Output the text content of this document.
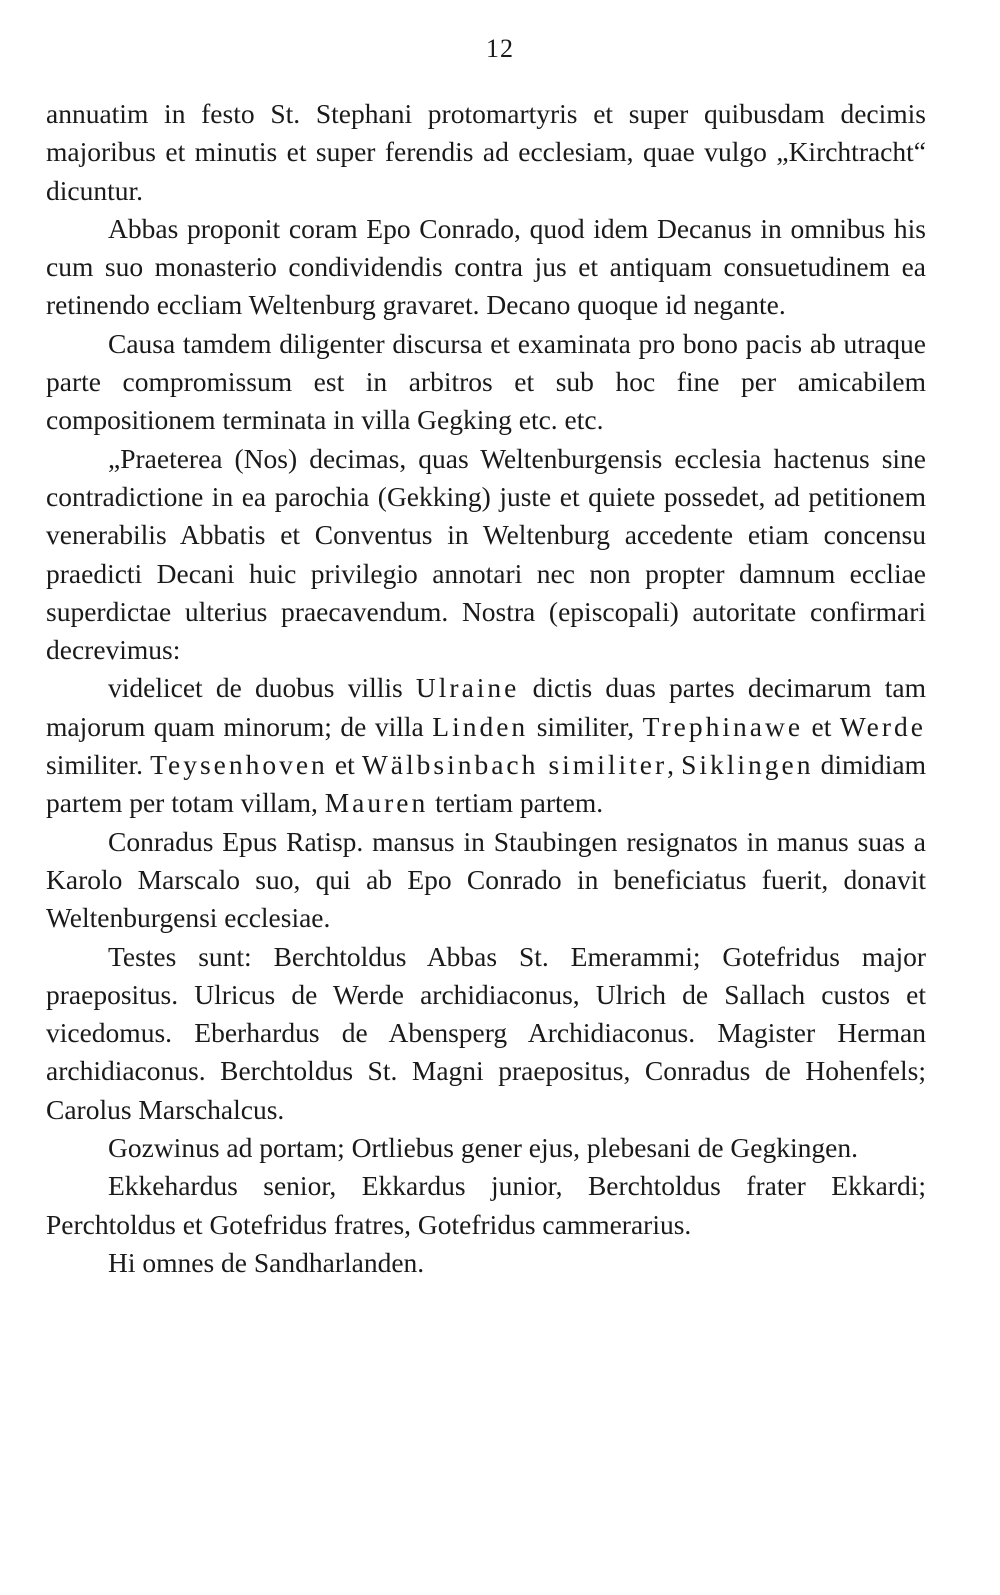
12

annuatim in festo St. Stephani protomartyris et super quibusdam decimis majoribus et minutis et super ferendis ad ecclesiam, quae vulgo „Kirchtracht“ dicuntur.

Abbas proponit coram Epo Conrado, quod idem Decanus in omnibus his cum suo monasterio condividendis contra jus et antiquam consuetudinem ea retinendo eccliam Weltenburg gravaret. Decano quoque id negante.

Causa tamdem diligenter discursa et examinata pro bono pacis ab utraque parte compromissum est in arbitros et sub hoc fine per amicabilem compositionem terminata in villa Gegking etc. etc.

„Praeterea (Nos) decimas, quas Weltenburgensis ecclesia hactenus sine contradictione in ea parochia (Gekking) juste et quiete possedet, ad petitionem venerabilis Abbatis et Conventus in Weltenburg accedente etiam concensu praedicti Decani huic privilegio annotari nec non propter damnum eccliae superdictae ulterius praecavendum. Nostra (episcopali) autoritate confirmari decrevimus:

videlicet de duobus villis Ulraine dictis duas partes decimarum tam majorum quam minorum; de villa Linden similiter, Trephinawe et Werde similiter. Teysenhoven et Wälbsinbach similiter, Siklingen dimidiam partem per totam villam, Mauren tertiam partem.

Conradus Epus Ratisp. mansus in Staubingen resignatos in manus suas a Karolo Marscalo suo, qui ab Epo Conrado in beneficiatus fuerit, donavit Weltenburgensi ecclesiae.

Testes sunt: Berchtoldus Abbas St. Emerammi; Gotefridus major praepositus. Ulricus de Werde archidiaconus, Ulrich de Sallach custos et vicedomus. Eberhardus de Abensperg Archidiaconus. Magister Herman archidiaconus. Berchtoldus St. Magni praepositus, Conradus de Hohenfels; Carolus Marschalcus.

Gozwinus ad portam; Ortliebus gener ejus, plebesani de Gegkingen.

Ekkehardus senior, Ekkardus junior, Berchtoldus frater Ekkardi; Perchtoldus et Gotefridus fratres, Gotefridus cammerarius.

Hi omnes de Sandharlanden.
